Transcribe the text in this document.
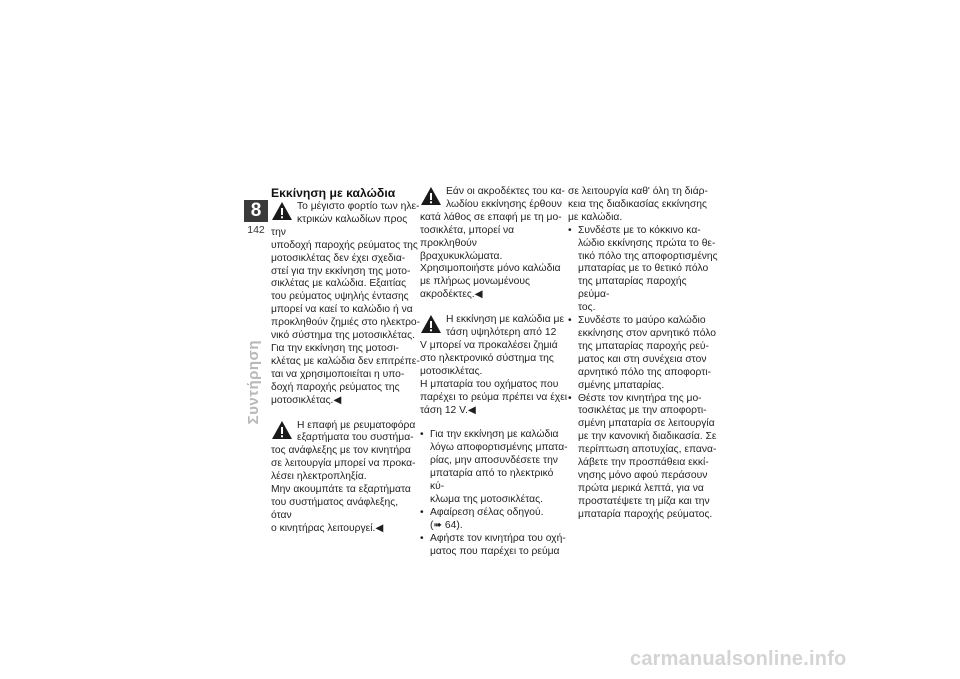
8
142
Συντήρηση
Εκκίνηση με καλώδια

Το μέγιστο φορτίο των ηλε-
κτρικών καλωδίων προς την
υποδοχή παροχής ρεύματος της
μοτοσικλέτας δεν έχει σχεδια-
στεί για την εκκίνηση της μοτο-
σικλέτας με καλώδια. Εξαιτίας
του ρεύματος υψηλής έντασης
μπορεί να καεί το καλώδιο ή να
προκληθούν ζημιές στο ηλεκτρο-
νικό σύστημα της μοτοσικλέτας.
Για την εκκίνηση της μοτοσι-
κλέτας με καλώδια δεν επιτρέπε-
ται να χρησιμοποιείται η υπο-
δοχή παροχής ρεύματος της
μοτοσικλέτας.◀

Η επαφή με ρευματοφόρα
εξαρτήματα του συστήμα-
τος ανάφλεξης με τον κινητήρα
σε λειτουργία μπορεί να προκα-
λέσει ηλεκτροπληξία.
Μην ακουμπάτε τα εξαρτήματα
του συστήματος ανάφλεξης, όταν
ο κινητήρας λειτουργεί.◀

Εάν οι ακροδέκτες του κα-
λωδίου εκκίνησης έρθουν
κατά λάθος σε επαφή με τη μο-
τοσικλέτα, μπορεί να προκληθούν
βραχυκυκλώματα.
Χρησιμοποιήστε μόνο καλώδια
με πλήρως μονωμένους
ακροδέκτες.◀

Η εκκίνηση με καλώδια με
τάση υψηλότερη από 12
V μπορεί να προκαλέσει ζημιά
στο ηλεκτρονικό σύστημα της
μοτοσικλέτας.
Η μπαταρία του οχήματος που
παρέχει το ρεύμα πρέπει να έχει
τάση 12 V.◀

• Για την εκκίνηση με καλώδια
λόγω αποφορτισμένης μπατα-
ρίας, μην αποσυνδέσετε την
μπαταρία από το ηλεκτρικό κύ-
κλωμα της μοτοσικλέτας.
• Αφαίρεση σέλας οδηγού.
(➠ 64).
• Αφήστε τον κινητήρα του οχή-
ματος που παρέχει το ρεύμα

σε λειτουργία καθ' όλη τη διάρ-
κεια της διαδικασίας εκκίνησης
με καλώδια.

• Συνδέστε με το κόκκινο κα-
λώδιο εκκίνησης πρώτα το θε-
τικό πόλο της αποφορτισμένης
μπαταρίας με το θετικό πόλο
της μπαταρίας παροχής ρεύμα-
τος.
• Συνδέστε το μαύρο καλώδιο
εκκίνησης στον αρνητικό πόλο
της μπαταρίας παροχής ρεύ-
ματος και στη συνέχεια στον
αρνητικό πόλο της αποφορτι-
σμένης μπαταρίας.
• Θέστε τον κινητήρα της μο-
τοσικλέτας με την αποφορτι-
σμένη μπαταρία σε λειτουργία
με την κανονική διαδικασία. Σε
περίπτωση αποτυχίας, επανα-
λάβετε την προσπάθεια εκκί-
νησης μόνο αφού περάσουν
πρώτα μερικά λεπτά, για να
προστατέψετε τη μίζα και την
μπαταρία παροχής ρεύματος.
carmanualsonline.info
